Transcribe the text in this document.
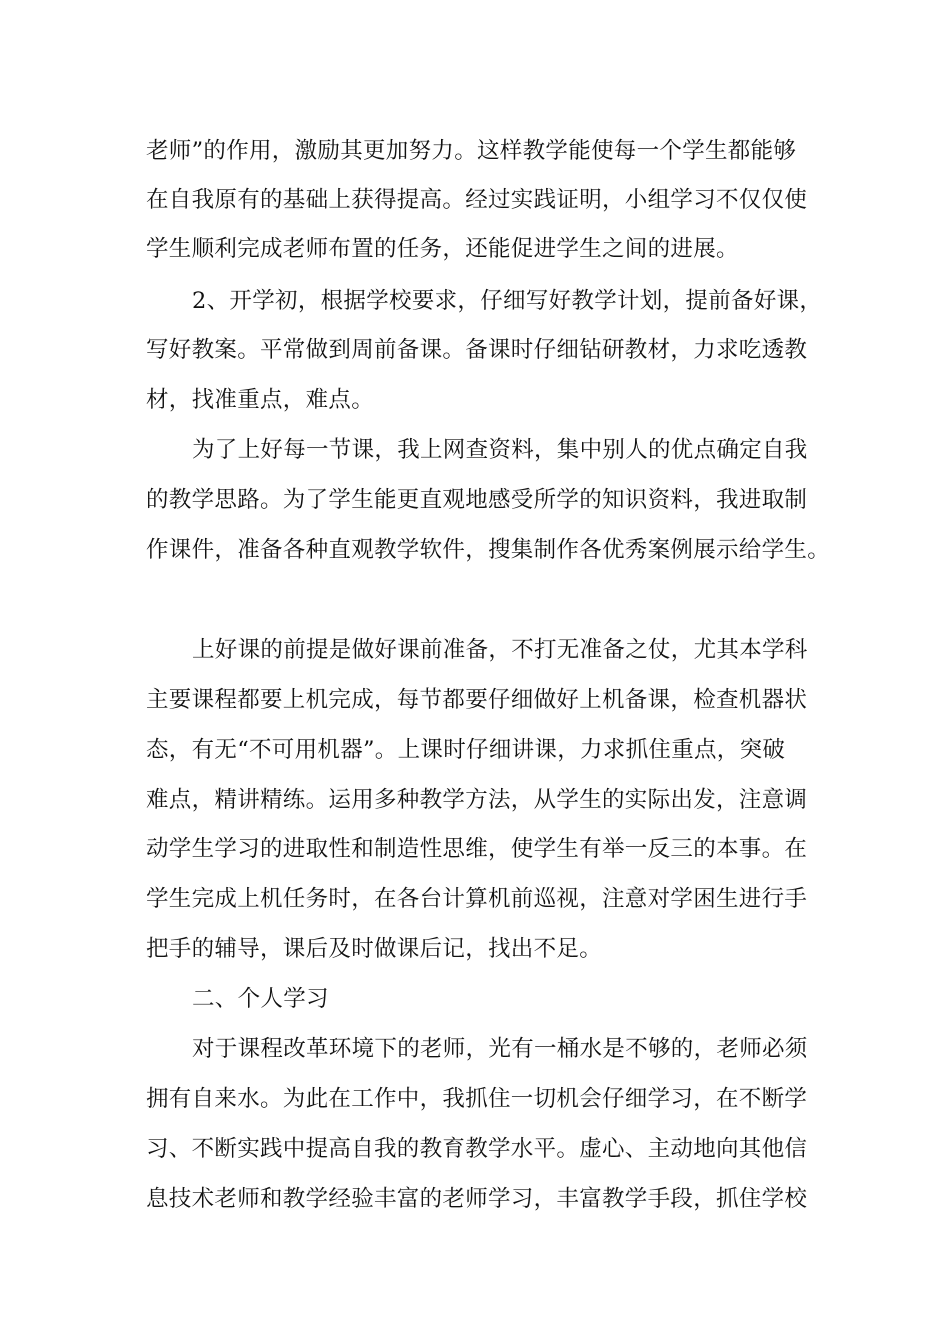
老师”的作用，激励其更加努力。这样教学能使每一个学生都能够
在自我原有的基础上获得提高。经过实践证明，小组学习不仅仅使
学生顺利完成老师布置的任务，还能促进学生之间的进展。
2、开学初，根据学校要求，仔细写好教学计划，提前备好课，
写好教案。平常做到周前备课。备课时仔细钻研教材，力求吃透教
材，找准重点，难点。
为了上好每一节课，我上网查资料，集中别人的优点确定自我
的教学思路。为了学生能更直观地感受所学的知识资料，我进取制
作课件，准备各种直观教学软件，搜集制作各优秀案例展示给学生。
上好课的前提是做好课前准备，不打无准备之仗，尤其本学科
主要课程都要上机完成，每节都要仔细做好上机备课，检查机器状
态，有无“不可用机器”。上课时仔细讲课，力求抓住重点，突破
难点，精讲精练。运用多种教学方法，从学生的实际出发，注意调
动学生学习的进取性和制造性思维，使学生有举一反三的本事。在
学生完成上机任务时，在各台计算机前巡视，注意对学困生进行手
把手的辅导，课后及时做课后记，找出不足。
二、个人学习
对于课程改革环境下的老师，光有一桶水是不够的，老师必须
拥有自来水。为此在工作中，我抓住一切机会仔细学习，在不断学
习、不断实践中提高自我的教育教学水平。虚心、主动地向其他信
息技术老师和教学经验丰富的老师学习，丰富教学手段，抓住学校
